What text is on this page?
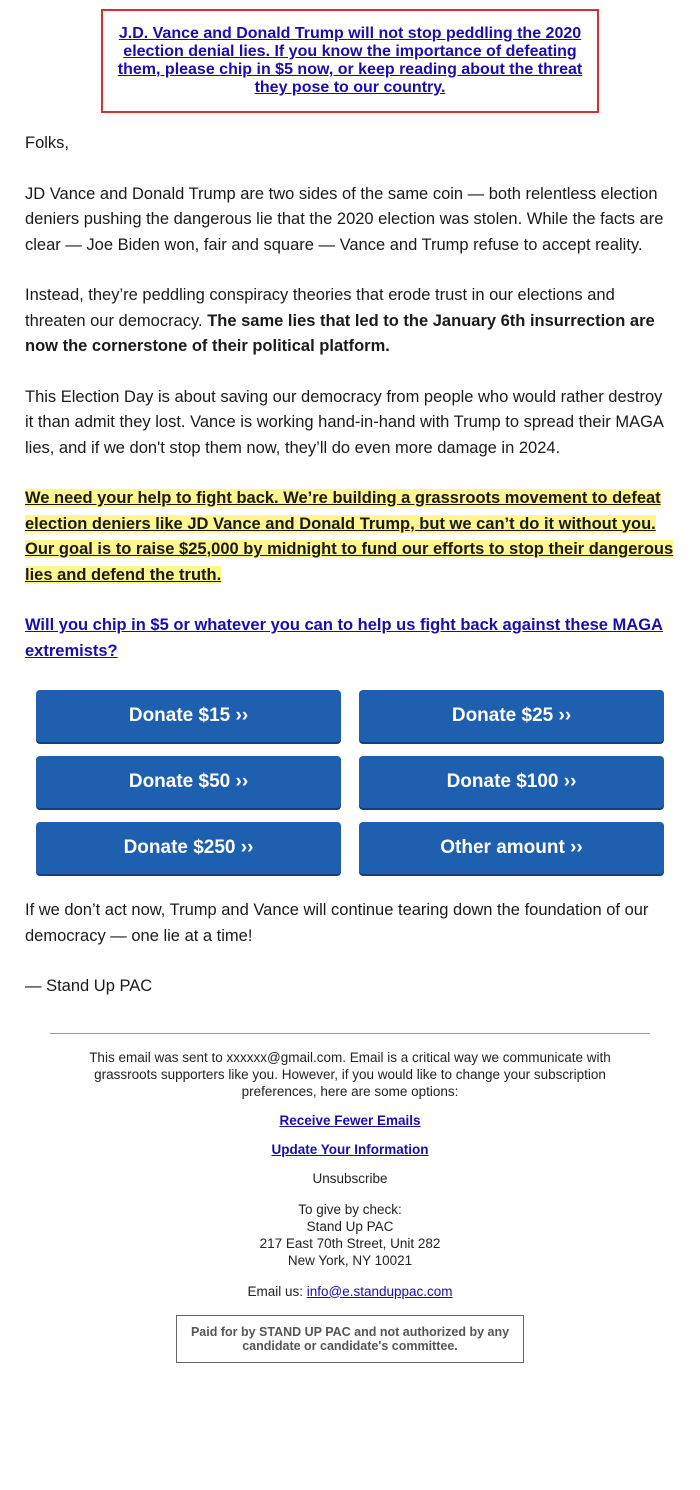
J.D. Vance and Donald Trump will not stop peddling the 2020 election denial lies. If you know the importance of defeating them, please chip in $5 now, or keep reading about the threat they pose to our country.

Folks,

JD Vance and Donald Trump are two sides of the same coin — both relentless election deniers pushing the dangerous lie that the 2020 election was stolen. While the facts are clear — Joe Biden won, fair and square — Vance and Trump refuse to accept reality.

Instead, they’re peddling conspiracy theories that erode trust in our elections and threaten our democracy. The same lies that led to the January 6th insurrection are now the cornerstone of their political platform.

This Election Day is about saving our democracy from people who would rather destroy it than admit they lost. Vance is working hand-in-hand with Trump to spread their MAGA lies, and if we don't stop them now, they’ll do even more damage in 2024.

We need your help to fight back. We’re building a grassroots movement to defeat election deniers like JD Vance and Donald Trump, but we can’t do it without you. Our goal is to raise $25,000 by midnight to fund our efforts to stop their dangerous lies and defend the truth.

Will you chip in $5 or whatever you can to help us fight back against these MAGA extremists?

Donate $15 ››	Donate $25 ››
Donate $50 ››	Donate $100 ››
Donate $250 ››	Other amount ››

If we don’t act now, Trump and Vance will continue tearing down the foundation of our democracy — one lie at a time!

— Stand Up PAC

This email was sent to xxxxxx@gmail.com. Email is a critical way we communicate with grassroots supporters like you. However, if you would like to change your subscription preferences, here are some options:

Receive Fewer Emails

Update Your Information

Unsubscribe

To give by check:

Stand Up PAC

217 East 70th Street, Unit 282

New York, NY 10021

Email us: info@e.standuppac.com

Paid for by STAND UP PAC and not authorized by any candidate or candidate's committee.
